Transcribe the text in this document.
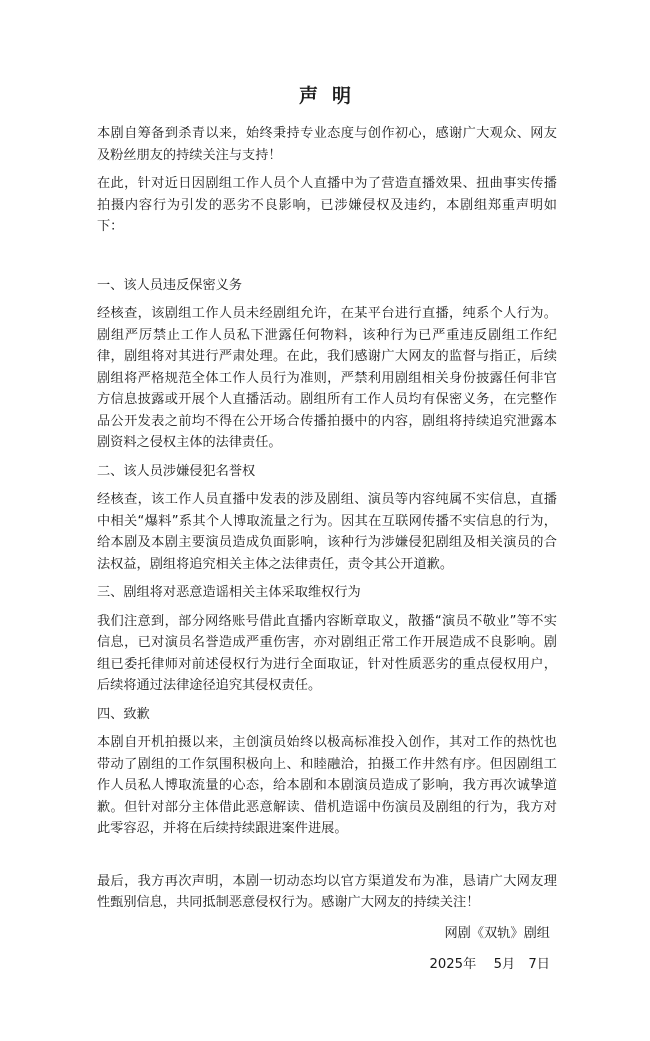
声明

本剧自筹备到杀青以来，始终秉持专业态度与创作初心，感谢广大观众、网友及粉丝朋友的持续关注与支持！

在此，针对近日因剧组工作人员个人直播中为了营造直播效果、扭曲事实传播拍摄内容行为引发的恶劣不良影响，已涉嫌侵权及违约，本剧组郑重声明如下：

一、该人员违反保密义务

经核查，该剧组工作人员未经剧组允许，在某平台进行直播，纯系个人行为。剧组严厉禁止工作人员私下泄露任何物料，该种行为已严重违反剧组工作纪律，剧组将对其进行严肃处理。在此，我们感谢广大网友的监督与指正，后续剧组将严格规范全体工作人员行为准则，严禁利用剧组相关身份披露任何非官方信息披露或开展个人直播活动。剧组所有工作人员均有保密义务，在完整作品公开发表之前均不得在公开场合传播拍摄中的内容，剧组将持续追究泄露本剧资料之侵权主体的法律责任。

二、该人员涉嫌侵犯名誉权

经核查，该工作人员直播中发表的涉及剧组、演员等内容纯属不实信息，直播中相关“爆料”系其个人博取流量之行为。因其在互联网传播不实信息的行为，给本剧及本剧主要演员造成负面影响，该种行为涉嫌侵犯剧组及相关演员的合法权益，剧组将追究相关主体之法律责任，责令其公开道歉。

三、剧组将对恶意造谣相关主体采取维权行为

我们注意到，部分网络账号借此直播内容断章取义，散播“演员不敬业”等不实信息，已对演员名誉造成严重伤害，亦对剧组正常工作开展造成不良影响。剧组已委托律师对前述侵权行为进行全面取证，针对性质恶劣的重点侵权用户，后续将通过法律途径追究其侵权责任。

四、致歉

本剧自开机拍摄以来，主创演员始终以极高标准投入创作，其对工作的热忱也带动了剧组的工作氛围积极向上、和睦融洽，拍摄工作井然有序。但因剧组工作人员私人博取流量的心态，给本剧和本剧演员造成了影响，我方再次诚挚道歉。但针对部分主体借此恶意解读、借机造谣中伤演员及剧组的行为，我方对此零容忍，并将在后续持续跟进案件进展。

最后，我方再次声明，本剧一切动态均以官方渠道发布为准，恳请广大网友理性甄别信息，共同抵制恶意侵权行为。感谢广大网友的持续关注！

网剧《双轨》剧组
2025年　 5月　7日
